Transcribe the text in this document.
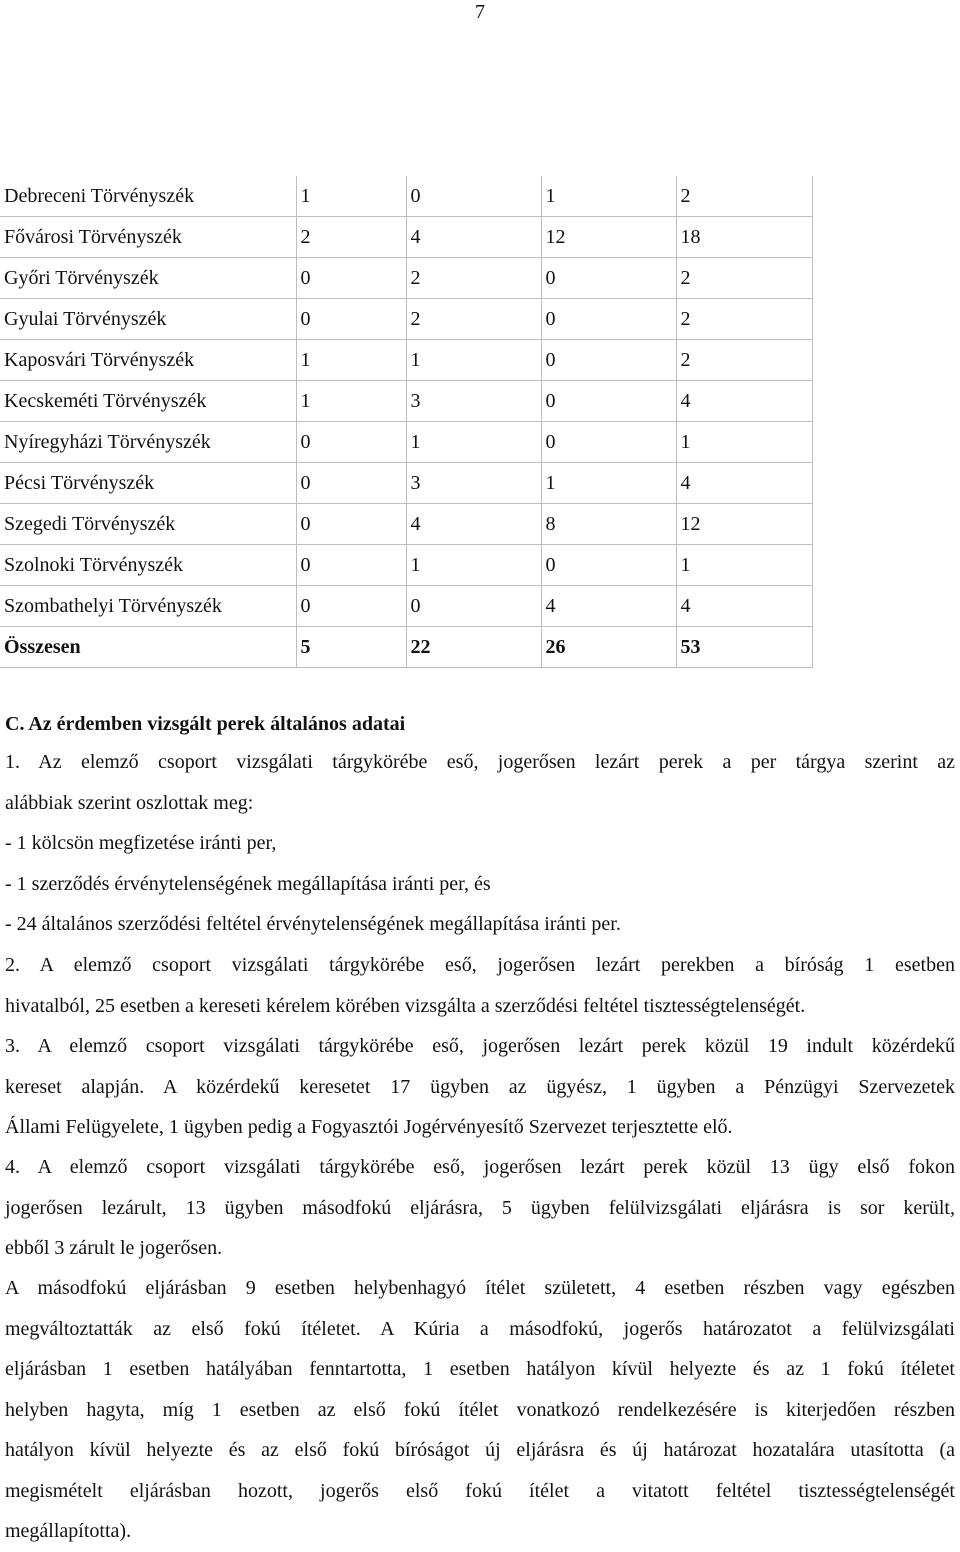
7
Debreceni Törvényszék	1	0	1	2
Fővárosi Törvényszék	2	4	12	18
Győri Törvényszék	0	2	0	2
Gyulai Törvényszék	0	2	0	2
Kaposvári Törvényszék	1	1	0	2
Kecskeméti Törvényszék	1	3	0	4
Nyíregyházi Törvényszék	0	1	0	1
Pécsi Törvényszék	0	3	1	4
Szegedi Törvényszék	0	4	8	12
Szolnoki Törvényszék	0	1	0	1
Szombathelyi Törvényszék	0	0	4	4
Összesen	5	22	26	53
C. Az érdemben vizsgált perek általános adatai
1. Az elemző csoport vizsgálati tárgykörébe eső, jogerősen lezárt perek a per tárgya szerint az
alábbiak szerint oszlottak meg:
- 1 kölcsön megfizetése iránti per,
- 1 szerződés érvénytelenségének megállapítása iránti per, és
- 24 általános szerződési feltétel érvénytelenségének megállapítása iránti per.
2. A elemző csoport vizsgálati tárgykörébe eső, jogerősen lezárt perekben a bíróság 1 esetben
hivatalból, 25 esetben a kereseti kérelem körében vizsgálta a szerződési feltétel tisztességtelenségét.
3. A elemző csoport vizsgálati tárgykörébe eső, jogerősen lezárt perek közül 19 indult közérdekű
kereset alapján. A közérdekű keresetet 17 ügyben az ügyész, 1 ügyben a Pénzügyi Szervezetek
Állami Felügyelete, 1 ügyben pedig a Fogyasztói Jogérvényesítő Szervezet terjesztette elő.
4. A elemző csoport vizsgálati tárgykörébe eső, jogerősen lezárt perek közül 13 ügy első fokon
jogerősen lezárult, 13 ügyben másodfokú eljárásra, 5 ügyben felülvizsgálati eljárásra is sor került,
ebből 3 zárult le jogerősen.
A másodfokú eljárásban 9 esetben helybenhagyó ítélet született, 4 esetben részben vagy egészben
megváltoztatták az első fokú ítéletet. A Kúria a másodfokú, jogerős határozatot a felülvizsgálati
eljárásban 1 esetben hatályában fenntartotta, 1 esetben hatályon kívül helyezte és az 1 fokú ítéletet
helyben hagyta, míg 1 esetben az első fokú ítélet vonatkozó rendelkezésére is kiterjedően részben
hatályon kívül helyezte és az első fokú bíróságot új eljárásra és új határozat hozatalára utasította (a
megismételt eljárásban hozott, jogerős első fokú ítélet a vitatott feltétel tisztességtelenségét
megállapította).
